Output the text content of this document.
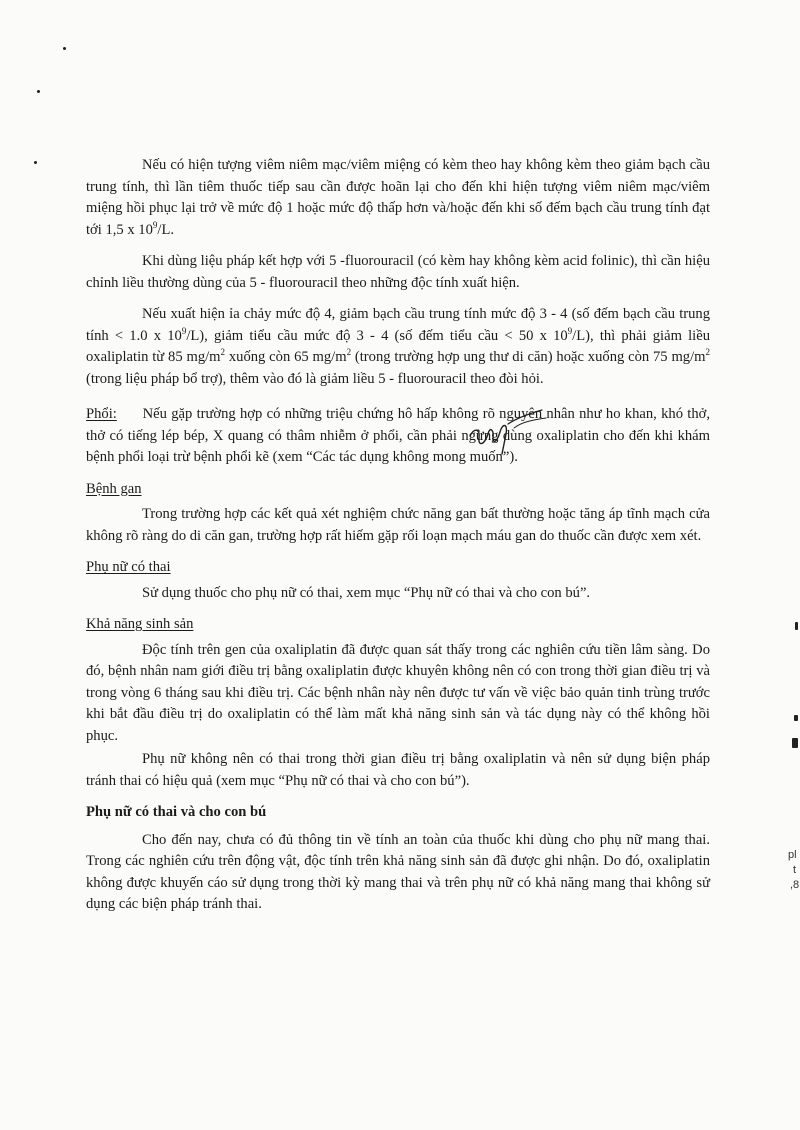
pl
t
,8

Nếu có hiện tượng viêm niêm mạc/viêm miệng có kèm theo hay không kèm theo giảm bạch cầu trung tính, thì lần tiêm thuốc tiếp sau cần được hoãn lại cho đến khi hiện tượng viêm niêm mạc/viêm miệng hồi phục lại trở về mức độ 1 hoặc mức độ thấp hơn và/hoặc đến khi số đếm bạch cầu trung tính đạt tới 1,5 x $10^9/L$.

Khi dùng liệu pháp kết hợp với 5 -fluorouracil (có kèm hay không kèm acid folinic), thì cần hiệu chỉnh liều thường dùng của 5 - fluorouracil theo những độc tính xuất hiện.

Nếu xuất hiện ỉa chảy mức độ 4, giảm bạch cầu trung tính mức độ 3 - 4 (số đếm bạch cầu trung tính < 1.0 x $10^9/L$), giảm tiểu cầu mức độ 3 - 4 (số đếm tiểu cầu < 50 x $10^9/L$), thì phải giảm liều oxaliplatin từ 85 $mg/m^2$ xuống còn 65 $mg/m^2$ (trong trường hợp ung thư di căn) hoặc xuống còn 75 $mg/m^2$ (trong liệu pháp bổ trợ), thêm vào đó là giảm liều 5 - fluorouracil theo đòi hỏi.

Phổi: Nếu gặp trường hợp có những triệu chứng hô hấp không rõ nguyên nhân như ho khan, khó thở, thở có tiếng lép bép, X quang có thâm nhiễm ở phổi, cần phải ngừng dùng oxaliplatin cho đến khi khám bệnh phổi loại trừ bệnh phổi kẽ (xem “Các tác dụng không mong muốn”).

Bệnh gan

Trong trường hợp các kết quả xét nghiệm chức năng gan bất thường hoặc tăng áp tĩnh mạch cửa không rõ ràng do di căn gan, trường hợp rất hiếm gặp rối loạn mạch máu gan do thuốc cần được xem xét.

Phụ nữ có thai

Sử dụng thuốc cho phụ nữ có thai, xem mục “Phụ nữ có thai và cho con bú”.

Khả năng sinh sản

Độc tính trên gen của oxaliplatin đã được quan sát thấy trong các nghiên cứu tiền lâm sàng. Do đó, bệnh nhân nam giới điều trị bằng oxaliplatin được khuyên không nên có con trong thời gian điều trị và trong vòng 6 tháng sau khi điều trị. Các bệnh nhân này nên được tư vấn về việc bảo quản tinh trùng trước khi bắt đầu điều trị do oxaliplatin có thể làm mất khả năng sinh sản và tác dụng này có thể không hồi phục.

Phụ nữ không nên có thai trong thời gian điều trị bằng oxaliplatin và nên sử dụng biện pháp tránh thai có hiệu quả (xem mục “Phụ nữ có thai và cho con bú”).

Phụ nữ có thai và cho con bú

Cho đến nay, chưa có đủ thông tin về tính an toàn của thuốc khi dùng cho phụ nữ mang thai. Trong các nghiên cứu trên động vật, độc tính trên khả năng sinh sản đã được ghi nhận. Do đó, oxaliplatin không được khuyến cáo sử dụng trong thời kỳ mang thai và trên phụ nữ có khả năng mang thai không sử dụng các biện pháp tránh thai.
